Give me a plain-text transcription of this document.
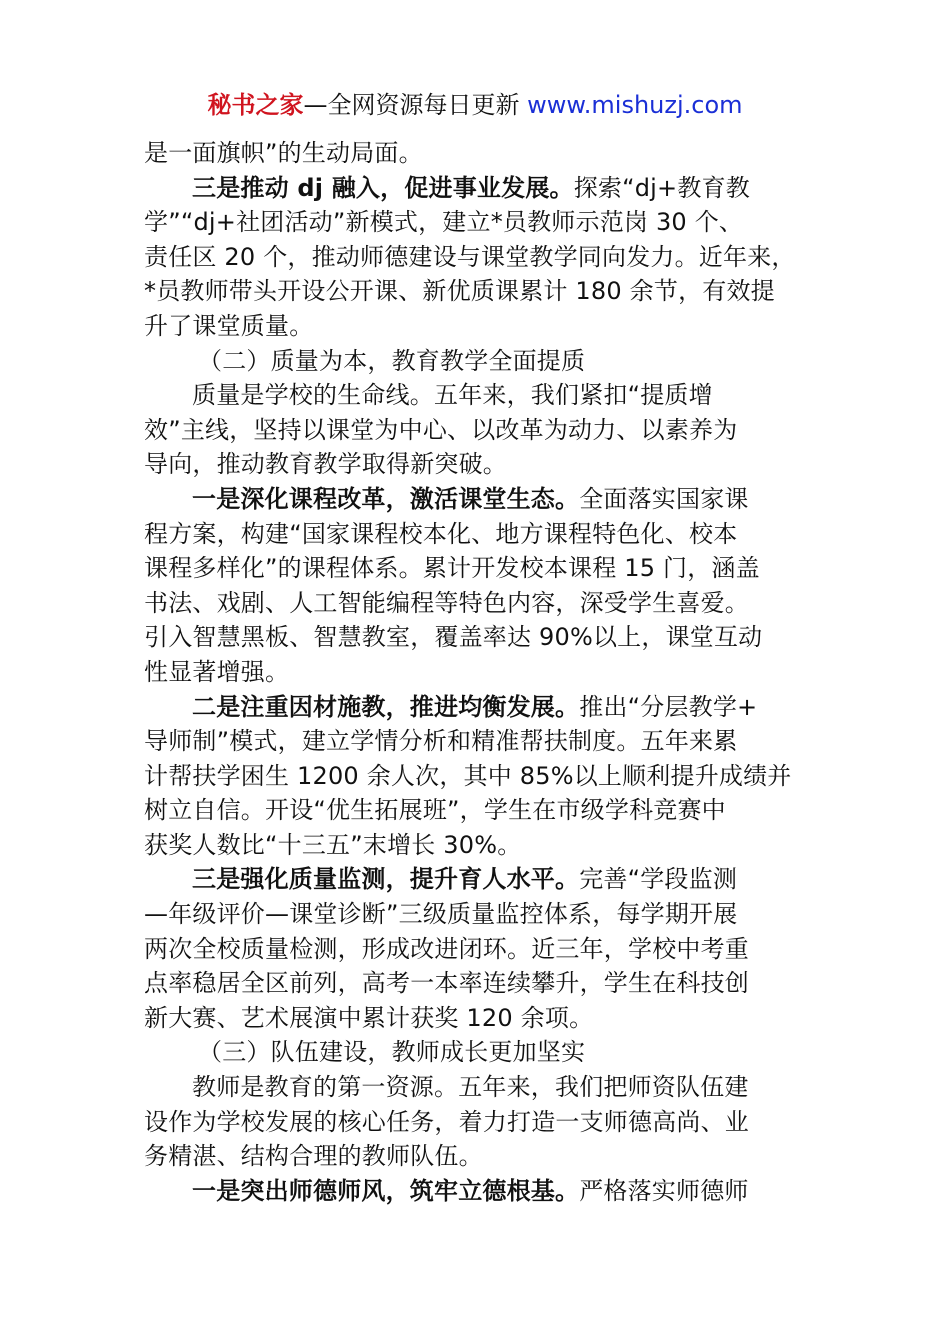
秘书之家—全网资源每日更新 www.mishuzj.com
是一面旗帜”的生动局面。
三是推动 dj 融入，促进事业发展。探索“dj+教育教
学”“dj+社团活动”新模式，建立*员教师示范岗 30 个、
责任区 20 个，推动师德建设与课堂教学同向发力。近年来，
*员教师带头开设公开课、新优质课累计 180 余节，有效提
升了课堂质量。
（二）质量为本，教育教学全面提质
质量是学校的生命线。五年来，我们紧扣“提质增
效”主线，坚持以课堂为中心、以改革为动力、以素养为
导向，推动教育教学取得新突破。
一是深化课程改革，激活课堂生态。全面落实国家课
程方案，构建“国家课程校本化、地方课程特色化、校本
课程多样化”的课程体系。累计开发校本课程 15 门，涵盖
书法、戏剧、人工智能编程等特色内容，深受学生喜爱。
引入智慧黑板、智慧教室，覆盖率达 90%以上，课堂互动
性显著增强。
二是注重因材施教，推进均衡发展。推出“分层教学+
导师制”模式，建立学情分析和精准帮扶制度。五年来累
计帮扶学困生 1200 余人次，其中 85%以上顺利提升成绩并
树立自信。开设“优生拓展班”，学生在市级学科竞赛中
获奖人数比“十三五”末增长 30%。
三是强化质量监测，提升育人水平。完善“学段监测
—年级评价—课堂诊断”三级质量监控体系，每学期开展
两次全校质量检测，形成改进闭环。近三年，学校中考重
点率稳居全区前列，高考一本率连续攀升，学生在科技创
新大赛、艺术展演中累计获奖 120 余项。
（三）队伍建设，教师成长更加坚实
教师是教育的第一资源。五年来，我们把师资队伍建
设作为学校发展的核心任务，着力打造一支师德高尚、业
务精湛、结构合理的教师队伍。
一是突出师德师风，筑牢立德根基。严格落实师德师
